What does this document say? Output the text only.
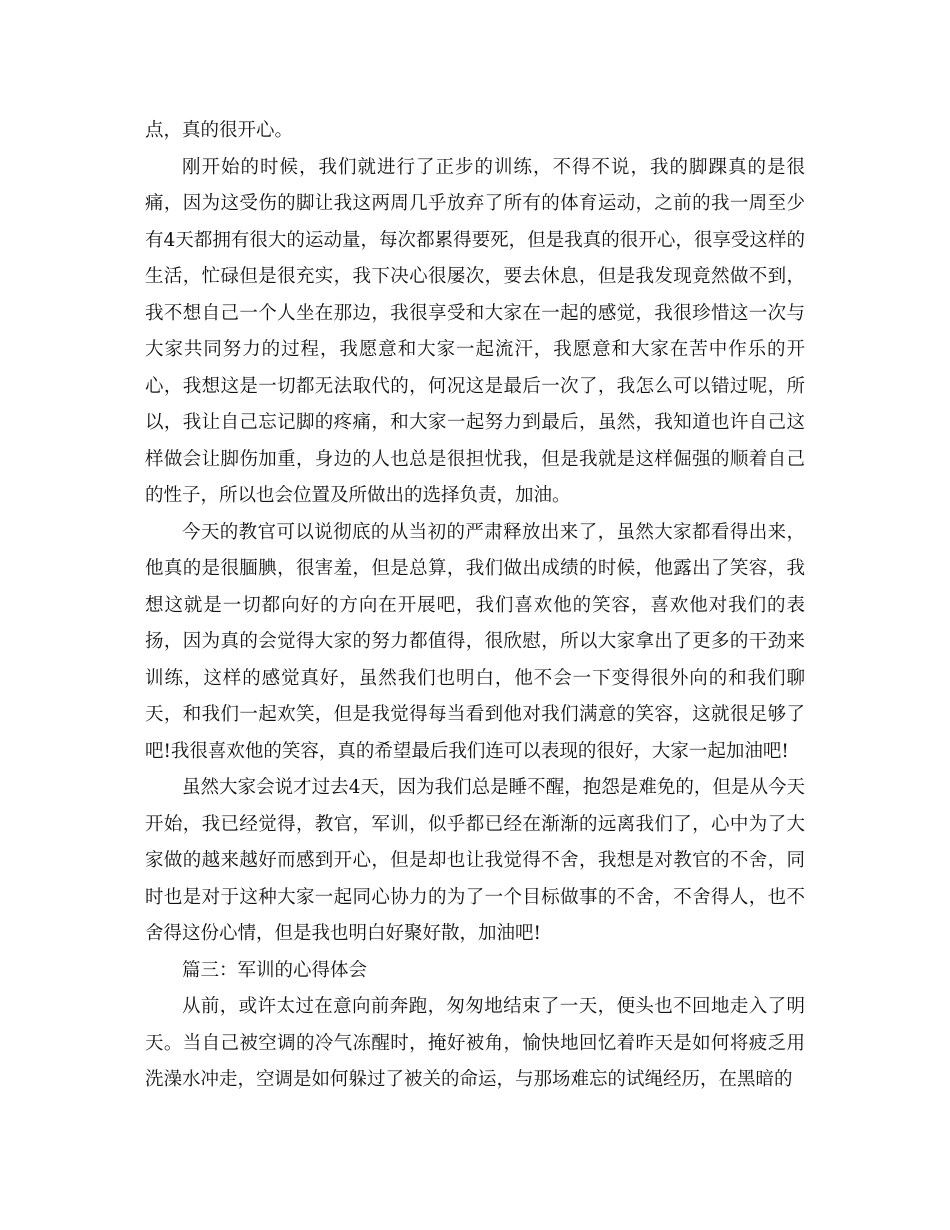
点，真的很开心。

刚开始的时候，我们就进行了正步的训练，不得不说，我的脚踝真的是很痛，因为这受伤的脚让我这两周几乎放弃了所有的体育运动，之前的我一周至少有4天都拥有很大的运动量，每次都累得要死，但是我真的很开心，很享受这样的生活，忙碌但是很充实，我下决心很屡次，要去休息，但是我发现竟然做不到，我不想自己一个人坐在那边，我很享受和大家在一起的感觉，我很珍惜这一次与大家共同努力的过程，我愿意和大家一起流汗，我愿意和大家在苦中作乐的开心，我想这是一切都无法取代的，何况这是最后一次了，我怎么可以错过呢，所以，我让自己忘记脚的疼痛，和大家一起努力到最后，虽然，我知道也许自己这样做会让脚伤加重，身边的人也总是很担忧我，但是我就是这样倔强的顺着自己的性子，所以也会位置及所做出的选择负责，加油。

今天的教官可以说彻底的从当初的严肃释放出来了，虽然大家都看得出来，他真的是很腼腆，很害羞，但是总算，我们做出成绩的时候，他露出了笑容，我想这就是一切都向好的方向在开展吧，我们喜欢他的笑容，喜欢他对我们的表扬，因为真的会觉得大家的努力都值得，很欣慰，所以大家拿出了更多的干劲来训练，这样的感觉真好，虽然我们也明白，他不会一下变得很外向的和我们聊天，和我们一起欢笑，但是我觉得每当看到他对我们满意的笑容，这就很足够了吧!我很喜欢他的笑容，真的希望最后我们连可以表现的很好，大家一起加油吧!

虽然大家会说才过去4天，因为我们总是睡不醒，抱怨是难免的，但是从今天开始，我已经觉得，教官，军训，似乎都已经在渐渐的远离我们了，心中为了大家做的越来越好而感到开心，但是却也让我觉得不舍，我想是对教官的不舍，同时也是对于这种大家一起同心协力的为了一个目标做事的不舍，不舍得人，也不舍得这份心情，但是我也明白好聚好散，加油吧!

篇三：军训的心得体会

从前，或许太过在意向前奔跑，匆匆地结束了一天，便头也不回地走入了明天。当自己被空调的冷气冻醒时，掩好被角，愉快地回忆着昨天是如何将疲乏用洗澡水冲走，空调是如何躲过了被关的命运，与那场难忘的试绳经历，在黑暗的
